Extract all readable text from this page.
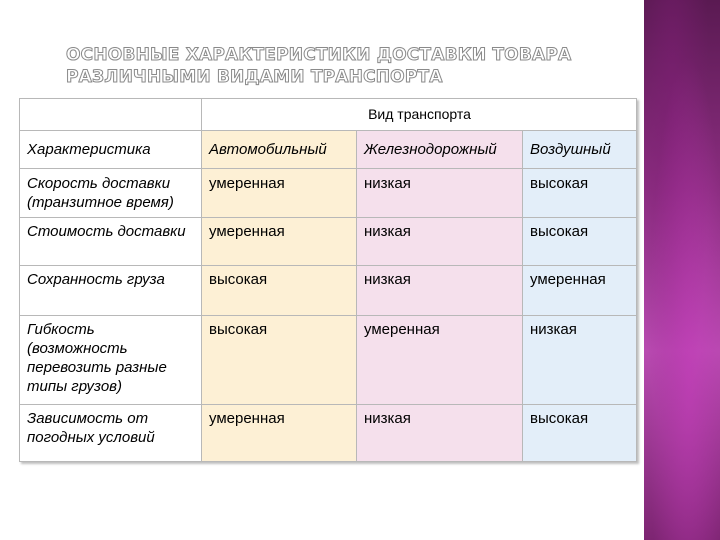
ОСНОВНЫЕ ХАРАКТЕРИСТИКИ ДОСТАВКИ ТОВАРА
РАЗЛИЧНЫМИ ВИДАМИ ТРАНСПОРТА
	Вид транспорта		
Характеристика	Автомобильный	Железнодорожный	Воздушный
Скорость доставки (транзитное время)	умеренная	низкая	высокая
Стоимость доставки	умеренная	низкая	высокая
Сохранность груза	высокая	низкая	умеренная
Гибкость (возможность перевозить разные типы грузов)	высокая	умеренная	низкая
Зависимость от погодных условий	умеренная	низкая	высокая
